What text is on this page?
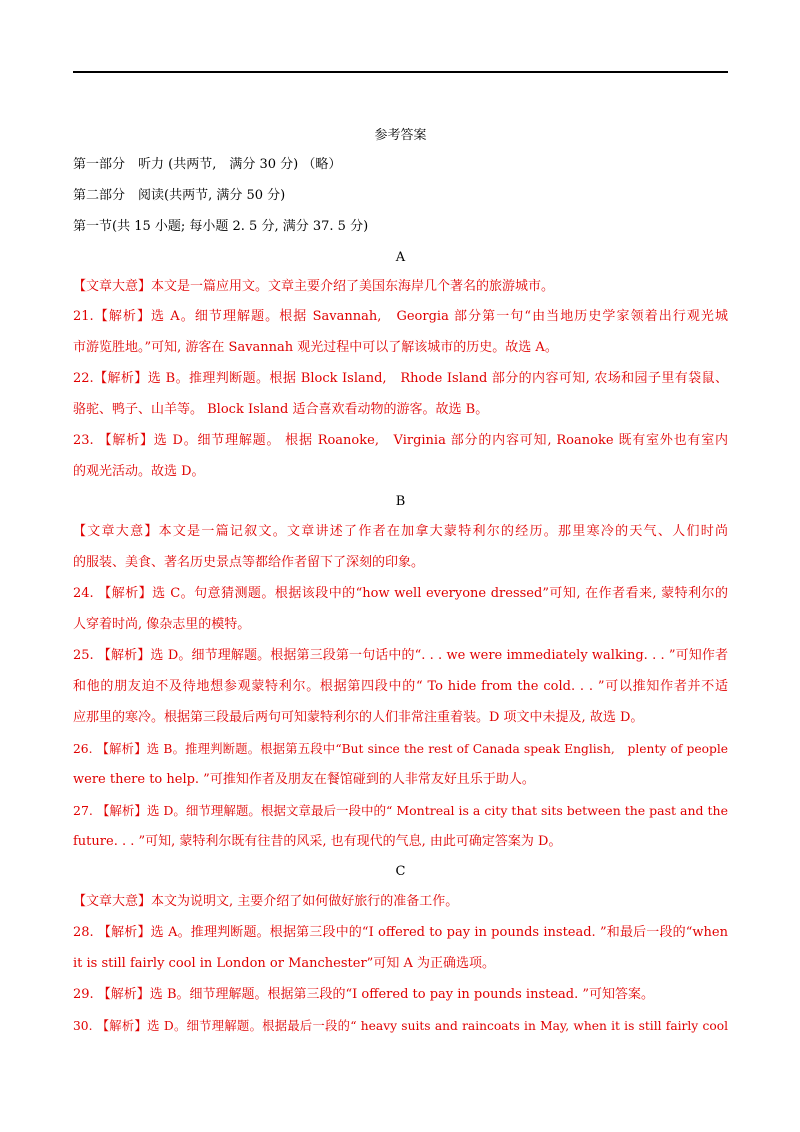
参考答案
第一部分　听力 (共两节,　满分 30 分) （略）
第二部分　阅读(共两节, 满分 50 分)
第一节(共 15 小题; 每小题 2. 5 分, 满分 37. 5 分)
A
【文章大意】本文是一篇应用文。文章主要介绍了美国东海岸几个著名的旅游城市。
21.【解析】选 A。细节理解题。根据 Savannah,　Georgia 部分第一句“由当地历史学家领着出行观光城
市游览胜地。”可知, 游客在 Savannah 观光过程中可以了解该城市的历史。故选 A。
22.【解析】选 B。推理判断题。根据 Block Island,　Rhode Island 部分的内容可知, 农场和园子里有袋鼠、
骆驼、鸭子、山羊等。 Block Island 适合喜欢看动物的游客。故选 B。
23. 【解析】选 D。细节理解题。 根据 Roanoke,　Virginia 部分的内容可知, Roanoke 既有室外也有室内
的观光活动。故选 D。
B
【文章大意】本文是一篇记叙文。文章讲述了作者在加拿大蒙特利尔的经历。那里寒冷的天气、人们时尚
的服装、美食、著名历史景点等都给作者留下了深刻的印象。
24. 【解析】选 C。句意猜测题。根据该段中的“how well everyone dressed”可知, 在作者看来, 蒙特利尔的
人穿着时尚, 像杂志里的模特。
25. 【解析】选 D。细节理解题。根据第三段第一句话中的“. . . we were immediately walking. . . ”可知作者
和他的朋友迫不及待地想参观蒙特利尔。根据第四段中的“ To hide from the cold. . . ”可以推知作者并不适
应那里的寒冷。根据第三段最后两句可知蒙特利尔的人们非常注重着装。D 项文中未提及, 故选 D。
26. 【解析】选 B。推理判断题。根据第五段中“But since the rest of Canada speak English,　plenty of people
were there to help. ”可推知作者及朋友在餐馆碰到的人非常友好且乐于助人。
27. 【解析】选 D。细节理解题。根据文章最后一段中的“ Montreal is a city that sits between the past and the
future. . . ”可知, 蒙特利尔既有往昔的风采, 也有现代的气息, 由此可确定答案为 D。
C
【文章大意】本文为说明文, 主要介绍了如何做好旅行的准备工作。
28. 【解析】选 A。推理判断题。根据第三段中的“I offered to pay in pounds instead. ”和最后一段的“when
it is still fairly cool in London or Manchester”可知 A 为正确选项。
29. 【解析】选 B。细节理解题。根据第三段的“I offered to pay in pounds instead. ”可知答案。
30. 【解析】选 D。细节理解题。根据最后一段的“ heavy suits and raincoats in May, when it is still fairly cool
